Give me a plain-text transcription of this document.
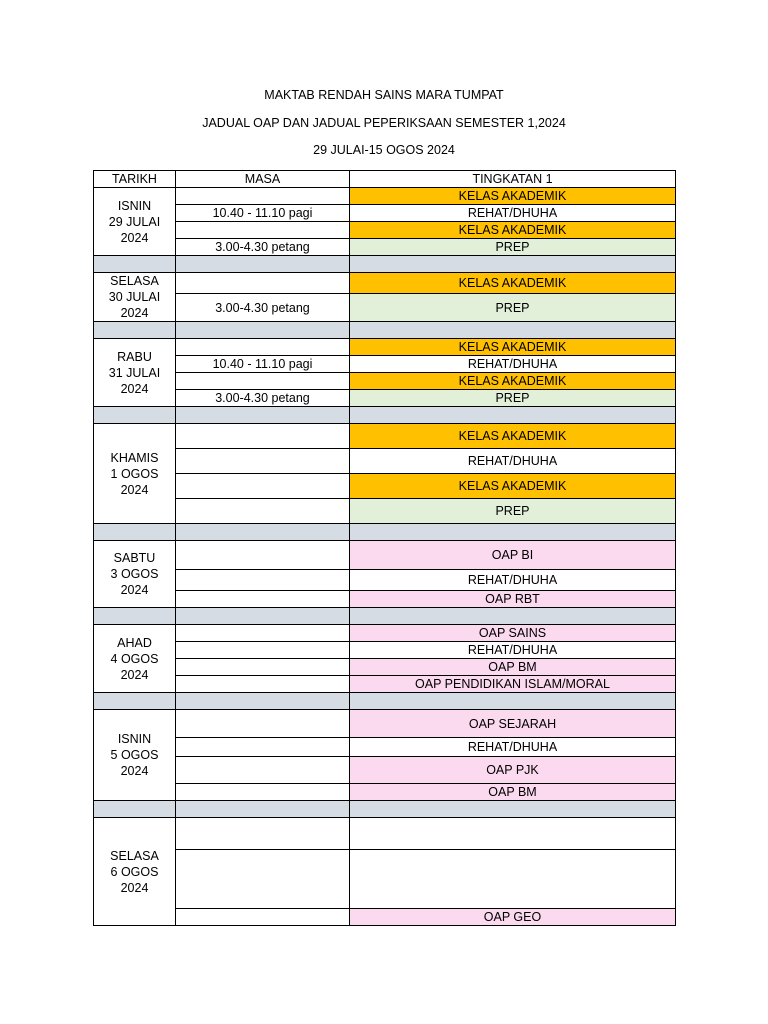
MAKTAB RENDAH SAINS MARA TUMPAT
JADUAL OAP DAN JADUAL PEPERIKSAAN SEMESTER 1,2024
29 JULAI-15 OGOS 2024
TARIKH	MASA	TINGKATAN 1

ISNIN
29 JULAI
2024		KELAS AKADEMIK
	10.40 - 11.10 pagi	REHAT/DHUHA
		KELAS AKADEMIK
	3.00-4.30 petang	PREP

SELASA
30 JULAI
2024		KELAS AKADEMIK
	3.00-4.30 petang	PREP

RABU
31 JULAI
2024		KELAS AKADEMIK
	10.40 - 11.10 pagi	REHAT/DHUHA
		KELAS AKADEMIK
	3.00-4.30 petang	PREP

KHAMIS
1 OGOS
2024		KELAS AKADEMIK
		REHAT/DHUHA
		KELAS AKADEMIK
		PREP

SABTU
3 OGOS
2024		OAP BI
		REHAT/DHUHA
		OAP RBT

AHAD
4 OGOS
2024		OAP SAINS
		REHAT/DHUHA
		OAP BM
		OAP PENDIDIKAN ISLAM/MORAL

ISNIN
5 OGOS
2024		OAP SEJARAH
		REHAT/DHUHA
		OAP PJK
		OAP BM

SELASA
6 OGOS
2024		

		OAP GEO
